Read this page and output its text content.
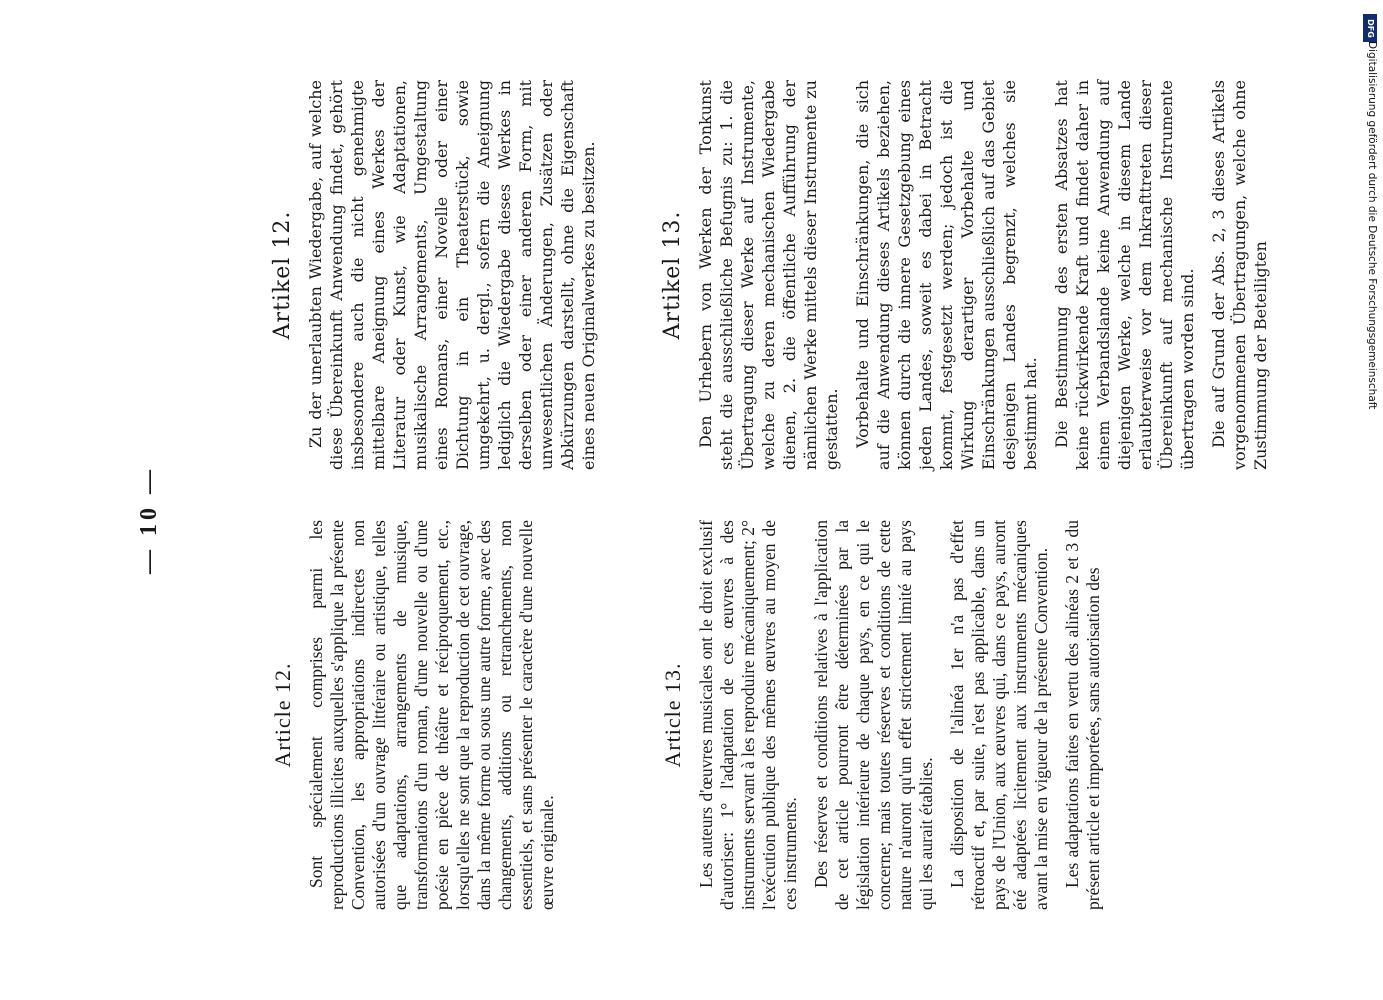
— 10 —
Article 12. Sont spécialement comprises parmi les reproductions illicites auxquelles s'applique la présente Convention, les appropriations indirectes non autorisées d'un ouvrage littéraire ou artistique, telles que adaptations, arrangements de musique, transformations d'un roman, d'une nouvelle ou d'une poésie en pièce de théâtre et réciproquement, etc., lorsqu'elles ne sont que la reproduction de cet ouvrage, dans la même forme ou sous une autre forme, avec des changements, additions ou retranchements, non essentiels, et sans présenter le caractère d'une nouvelle œuvre originale.

Article 13. Les auteurs d'œuvres musicales ont le droit exclusif d'autoriser: 1° l'adaptation de ces œuvres à des instruments servant à les reproduire mécaniquement; 2° l'exécution publique des mêmes œuvres au moyen de ces instruments. Des réserves et conditions relatives à l'application de cet article pourront être déterminées par la législation intérieure de chaque pays, en ce qui le concerne; mais toutes réserves et conditions de cette nature n'auront qu'un effet strictement limité au pays qui les aurait établies. La disposition de l'alinéa 1er n'a pas d'effet rétroactif et, par suite, n'est pas applicable, dans un pays de l'Union, aux œuvres qui, dans ce pays, auront été adaptées licitement aux instruments mécaniques avant la mise en vigueur de la présente Convention. Les adaptations faites en vertu des alinéas 2 et 3 du présent article et importées, sans autorisation des

Artikel 12. Zu der unerlaubten Wiedergabe, auf welche diese Übereinkunft Anwendung findet, gehört insbesondere auch die nicht genehmigte mittelbare Aneignung eines Werkes der Literatur oder Kunst, wie Adaptationen, musikalische Arrangements, Umgestaltung eines Romans, einer Novelle oder einer Dichtung in ein Theaterstück, sowie umgekehrt, u. dergl., sofern die Aneignung lediglich die Wiedergabe dieses Werkes in derselben oder einer anderen Form, mit unwesentlichen Änderungen, Zusätzen oder Abkürzungen darstellt, ohne die Eigenschaft eines neuen Originalwerkes zu besitzen.	Artikel 13. Den Urhebern von Werken der Tonkunst steht die ausschließliche Befugnis zu: 1. die Übertragung dieser Werke auf Instrumente, welche zu deren mechanischen Wiedergabe dienen, 2. die öffentliche Aufführung der nämlichen Werke mittels dieser Instrumente zu gestatten. Vorbehalte und Einschränkungen, die sich auf die Anwendung dieses Artikels beziehen, können durch die innere Gesetzgebung eines jeden Landes, soweit es dabei in Betracht kommt, festgesetzt werden; jedoch ist die Wirkung derartiger Vorbehalte und Einschränkungen ausschließlich auf das Gebiet desjenigen Landes begrenzt, welches sie bestimmt hat. Die Bestimmung des ersten Absatzes hat keine rückwirkende Kraft und findet daher in einem Verbandslande keine Anwendung auf diejenigen Werke, welche in diesem Lande erlaubterweise vor dem Inkrafttreten dieser Übereinkunft auf mechanische Instrumente übertragen worden sind. Die auf Grund der Abs. 2, 3 dieses Artikels vorgenommenen Übertragungen, welche ohne Zustimmung der Beteiligten

DFG
Digitalisierung gefördert durch die Deutsche Forschungsgemeinschaft
